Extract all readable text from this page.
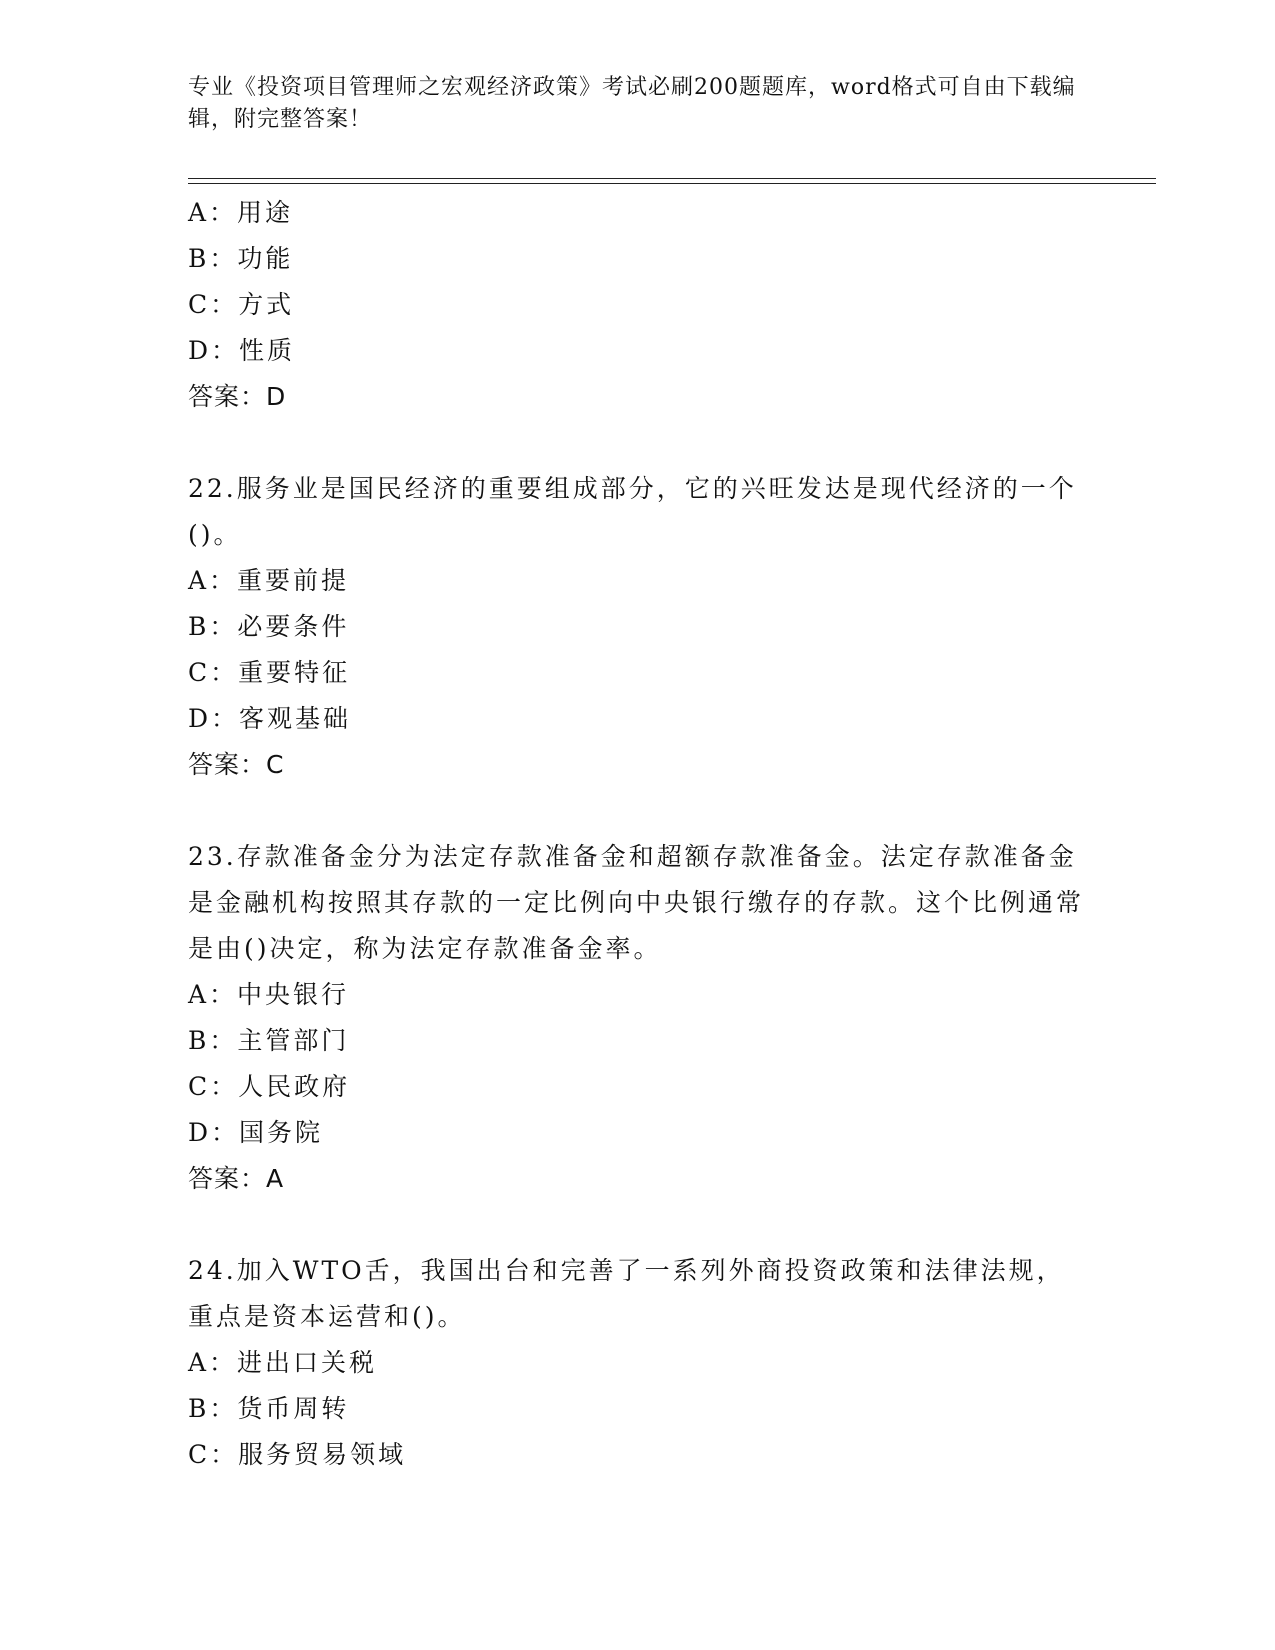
专业《投资项目管理师之宏观经济政策》考试必刷200题题库，word格式可自由下载编辑，附完整答案！
A：用途
B：功能
C：方式
D：性质
答案：D
22.服务业是国民经济的重要组成部分，它的兴旺发达是现代经济的一个()。
A：重要前提
B：必要条件
C：重要特征
D：客观基础
答案：C
23.存款准备金分为法定存款准备金和超额存款准备金。法定存款准备金是金融机构按照其存款的一定比例向中央银行缴存的存款。这个比例通常是由()决定，称为法定存款准备金率。
A：中央银行
B：主管部门
C：人民政府
D：国务院
答案：A
24.加入WTO舌，我国出台和完善了一系列外商投资政策和法律法规，重点是资本运营和()。
A：进出口关税
B：货币周转
C：服务贸易领域
